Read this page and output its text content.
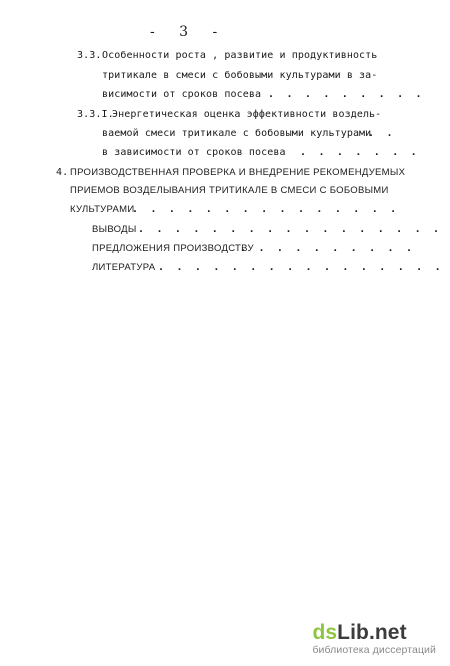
- 3 -
3.3. Особенности роста , развитие и продуктивность
тритикале в смеси с бобовыми культурами в за-
висимости от сроков посева . . . . . . . . .
3.3.I.
Энергетическая оценка эффективности воздель-
ваемой смеси тритикале с бобовыми культурами
. .
в зависимости от сроков посева . . . . . . .
4. ПРОИЗВОДСТВЕННАЯ ПРОВЕРКА И ВНЕДРЕНИЕ РЕКОМЕНДУЕМЫХ
ПРИЕМОВ ВОЗДЕЛЫВАНИЯ ТРИТИКАЛЕ В СМЕСИ С БОБОВЫМИ
КУЛЬТУРАМИ
. . . . . . . . . . . . . . .
ВЫВОДЫ . . . . . . . . . . . . . . . . .
ПРЕДЛОЖЕНИЯ ПРОИЗВОДСТВУ
. . . . . . . . . .
ЛИТЕРАТУРА . . . . . . . . . . . . . . . .
dsLib.net
библиотека диссертаций
